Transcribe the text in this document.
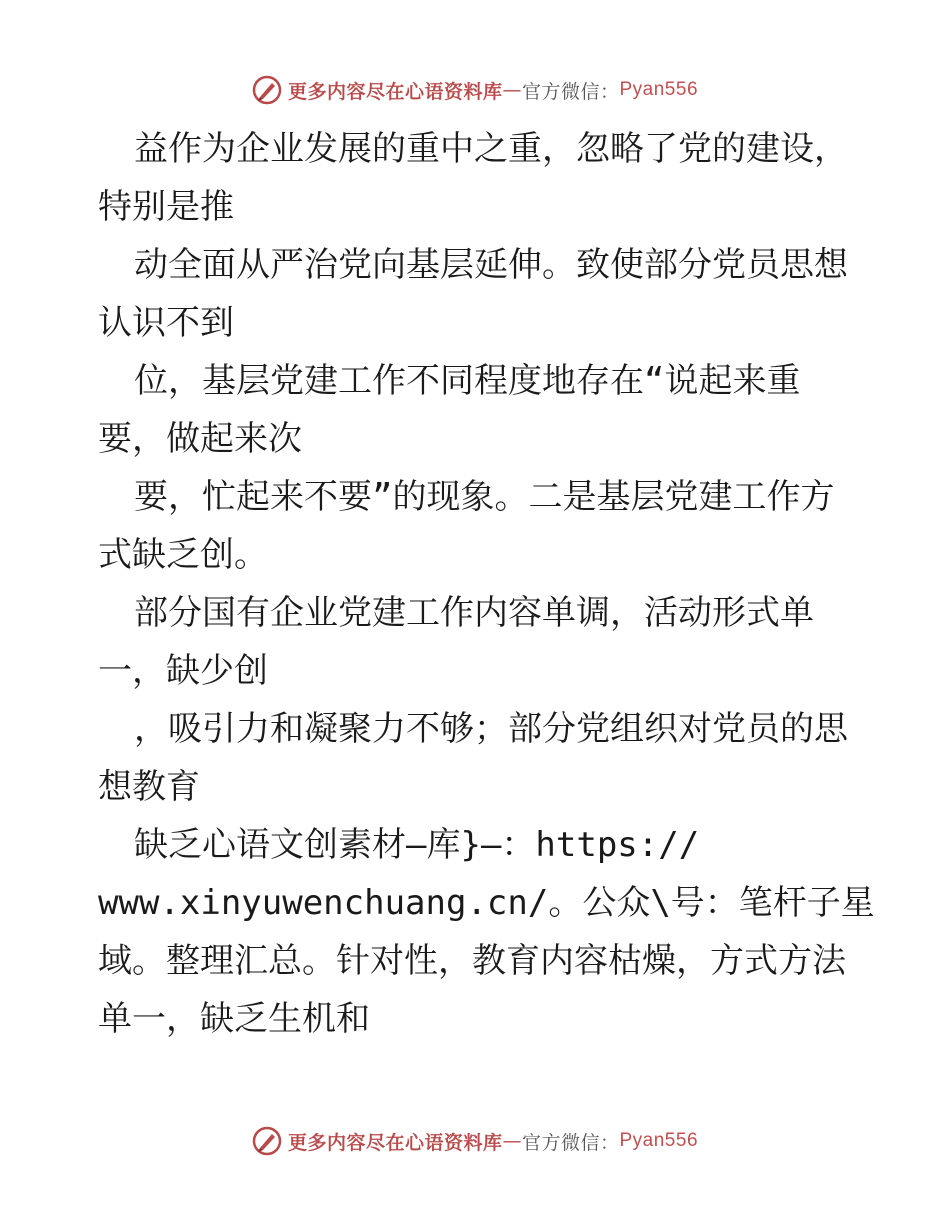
更多内容尽在心语资料库 — 官方微信： Pyan556
益作为企业发展的重中之重，忽略了党的建设，
特别是推
动全面从严治党向基层延伸。致使部分党员思想
认识不到
位，基层党建工作不同程度地存在“说起来重
要，做起来次
要，忙起来不要”的现象。二是基层党建工作方
式缺乏创。
部分国有企业党建工作内容单调，活动形式单
一，缺少创
，吸引力和凝聚力不够；部分党组织对党员的思
想教育
缺乏心语文创素材—库}—：https://
www.xinyuwenchuang.cn/。公众\号：笔杆子星
域。整理汇总。针对性，教育内容枯燥，方式方法
单一，缺乏生机和
更多内容尽在心语资料库 — 官方微信： Pyan556
